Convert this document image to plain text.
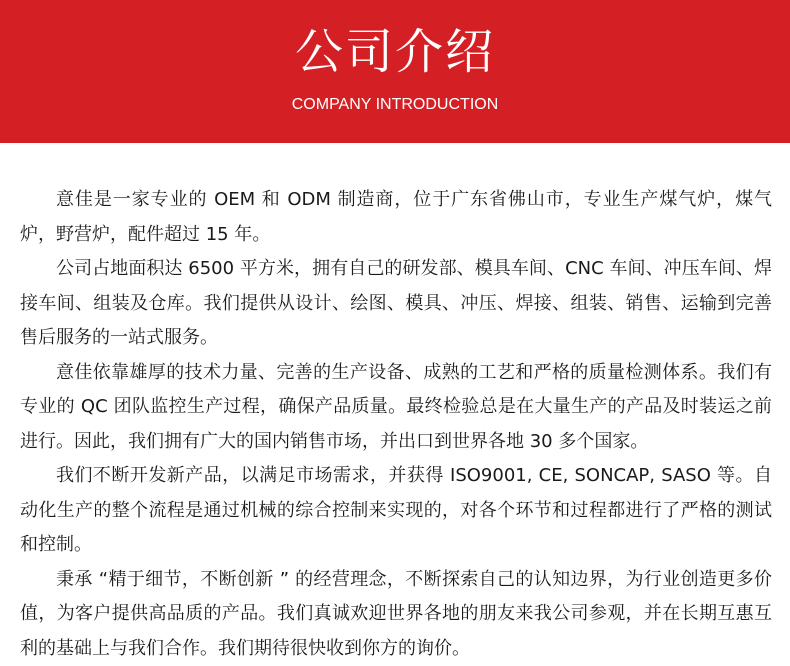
公司介绍
COMPANY INTRODUCTION

意佳是一家专业的 OEM 和 ODM 制造商，位于广东省佛山市，专业生产煤气炉，煤气炉，野营炉，配件超过 15 年。

公司占地面积达 6500 平方米，拥有自己的研发部、模具车间、CNC 车间、冲压车间、焊接车间、组装及仓库。我们提供从设计、绘图、模具、冲压、焊接、组装、销售、运输到完善售后服务的一站式服务。

意佳依靠雄厚的技术力量、完善的生产设备、成熟的工艺和严格的质量检测体系。我们有专业的 QC 团队监控生产过程，确保产品质量。最终检验总是在大量生产的产品及时装运之前进行。因此，我们拥有广大的国内销售市场，并出口到世界各地 30 多个国家。

我们不断开发新产品，以满足市场需求，并获得 ISO9001, CE, SONCAP, SASO 等。自动化生产的整个流程是通过机械的综合控制来实现的，对各个环节和过程都进行了严格的测试和控制。

秉承 “精于细节，不断创新 ” 的经营理念，不断探索自己的认知边界，为行业创造更多价值，为客户提供高品质的产品。我们真诚欢迎世界各地的朋友来我公司参观，并在长期互惠互利的基础上与我们合作。我们期待很快收到你方的询价。
